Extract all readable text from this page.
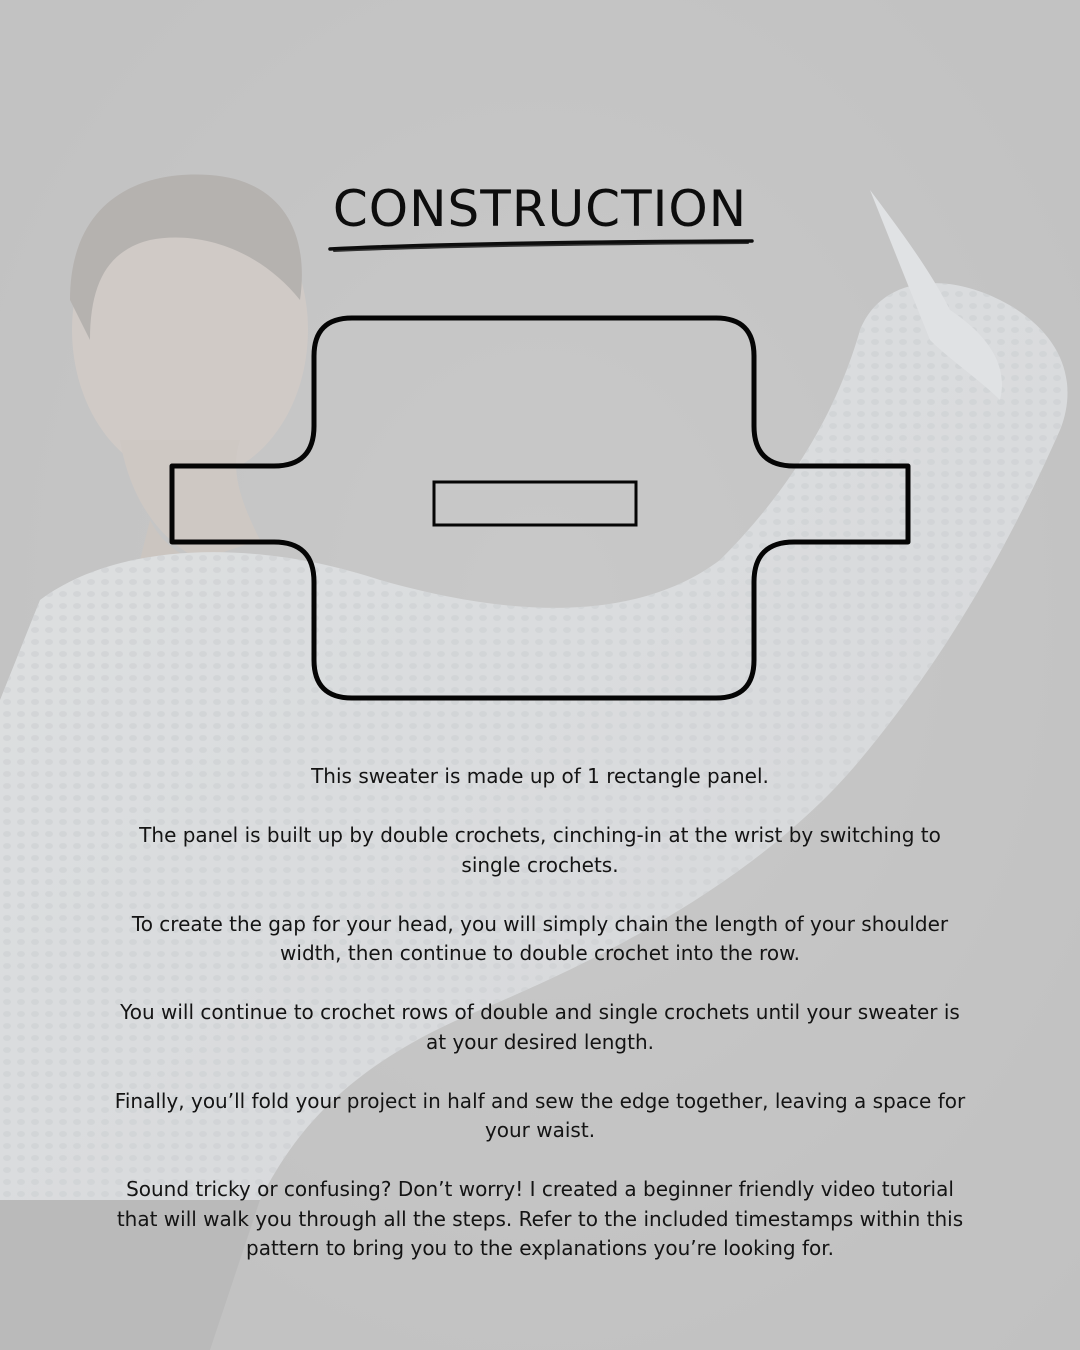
CONSTRUCTION

This sweater is made up of 1 rectangle panel.

The panel is built up by double crochets, cinching-in at the wrist by switching to single crochets.

To create the gap for your head, you will simply chain the length of your shoulder width, then continue to double crochet into the row.

You will continue to crochet rows of double and single crochets until your sweater is at your desired length.

Finally, you’ll fold your project in half and sew the edge together, leaving a space for your waist.

Sound tricky or confusing? Don’t worry! I created a beginner friendly video tutorial that will walk you through all the steps. Refer to the included timestamps within this pattern to bring you to the explanations you’re looking for.
